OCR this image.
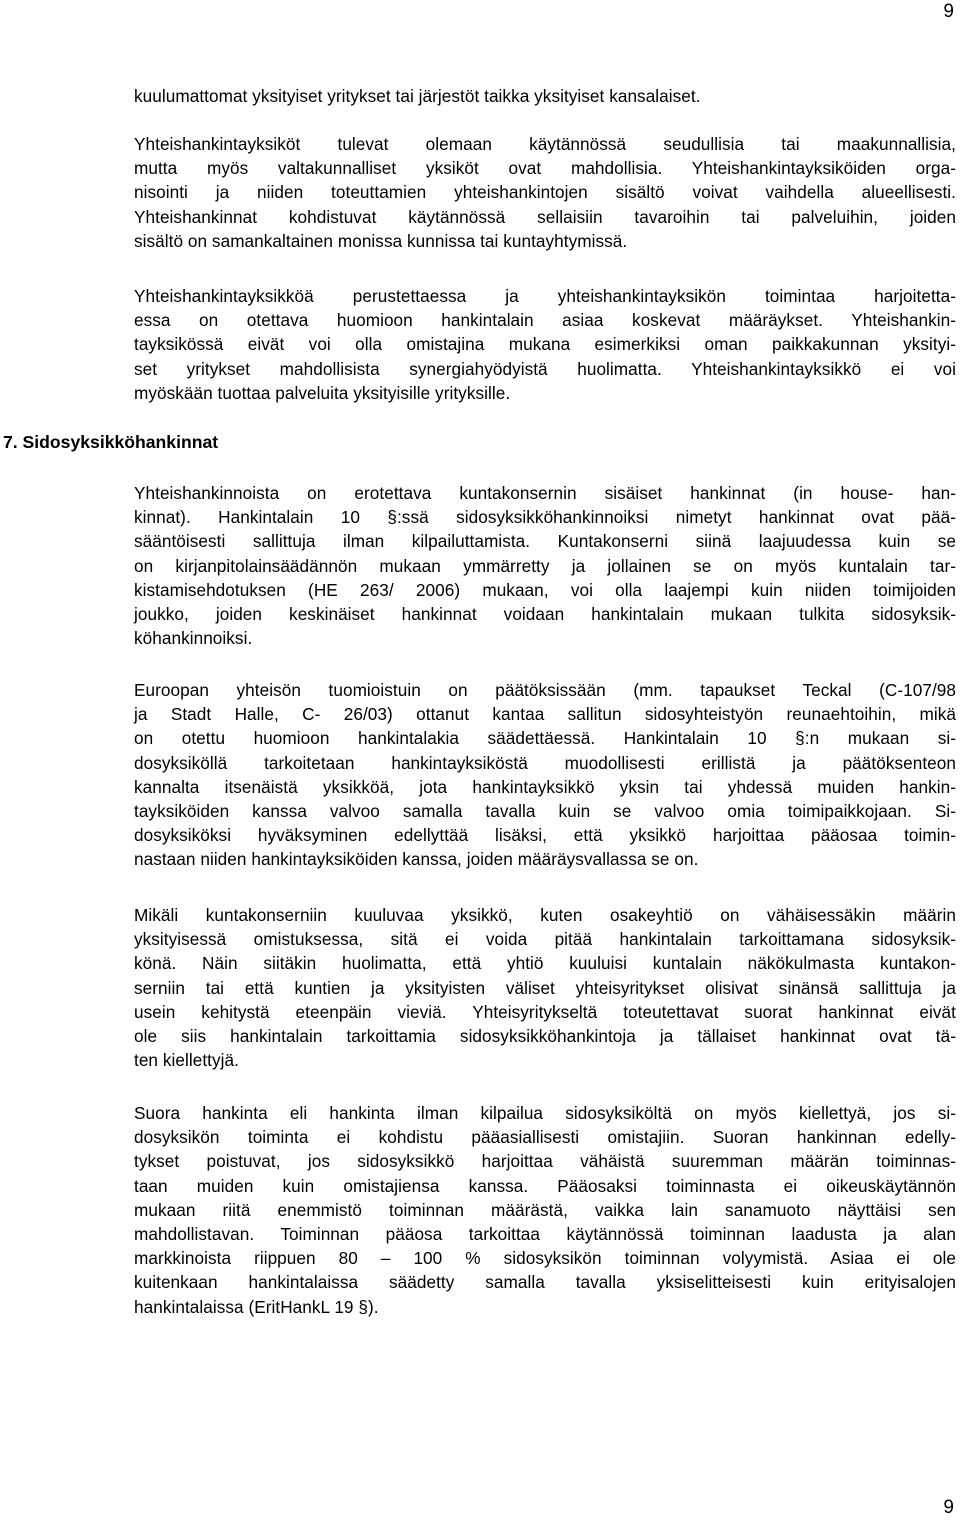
9
kuulumattomat yksityiset yritykset tai järjestöt taikka yksityiset kansalaiset.
Yhteishankintayksiköt tulevat olemaan käytännössä seudullisia tai maakunnallisia,
mutta myös valtakunnalliset yksiköt ovat mahdollisia. Yhteishankintayksiköiden orga-
nisointi ja niiden toteuttamien yhteishankintojen sisältö voivat vaihdella alueellisesti.
Yhteishankinnat kohdistuvat käytännössä sellaisiin tavaroihin tai palveluihin, joiden
sisältö on samankaltainen monissa kunnissa tai kuntayhtymissä.
Yhteishankintayksikköä perustettaessa ja yhteishankintayksikön toimintaa harjoitetta-
essa on otettava huomioon hankintalain asiaa koskevat määräykset. Yhteishankin-
tayksikössä eivät voi olla omistajina mukana esimerkiksi oman paikkakunnan yksityi-
set yritykset mahdollisista synergiahyödyistä huolimatta. Yhteishankintayksikkö ei voi
myöskään tuottaa palveluita yksityisille yrityksille.
7. Sidosyksikköhankinnat
Yhteishankinnoista on erotettava kuntakonsernin sisäiset hankinnat (in house- han-
kinnat). Hankintalain 10 §:ssä sidosyksikköhankinnoiksi nimetyt hankinnat ovat pää-
sääntöisesti sallittuja ilman kilpailuttamista. Kuntakonserni siinä laajuudessa kuin se
on kirjanpitolainsäädännön mukaan ymmärretty ja jollainen se on myös kuntalain tar-
kistamisehdotuksen (HE 263/ 2006) mukaan, voi olla laajempi kuin niiden toimijoiden
joukko, joiden keskinäiset hankinnat voidaan hankintalain mukaan tulkita sidosyksik-
köhankinnoiksi.
Euroopan yhteisön tuomioistuin on päätöksissään (mm. tapaukset Teckal (C-107/98
ja Stadt Halle, C- 26/03) ottanut kantaa sallitun sidosyhteistyön reunaehtoihin, mikä
on otettu huomioon hankintalakia säädettäessä. Hankintalain 10 §:n mukaan si-
dosyksiköllä tarkoitetaan hankintayksiköstä muodollisesti erillistä ja päätöksenteon
kannalta itsenäistä yksikköä, jota hankintayksikkö yksin tai yhdessä muiden hankin-
tayksiköiden kanssa valvoo samalla tavalla kuin se valvoo omia toimipaikkojaan. Si-
dosyksiköksi hyväksyminen edellyttää lisäksi, että yksikkö harjoittaa pääosaa toimin-
nastaan niiden hankintayksiköiden kanssa, joiden määräysvallassa se on.
Mikäli kuntakonserniin kuuluvaa yksikkö, kuten osakeyhtiö on vähäisessäkin määrin
yksityisessä omistuksessa, sitä ei voida pitää hankintalain tarkoittamana sidosyksik-
könä. Näin siitäkin huolimatta, että yhtiö kuuluisi kuntalain näkökulmasta kuntakon-
serniin tai että kuntien ja yksityisten väliset yhteisyritykset olisivat sinänsä sallittuja ja
usein kehitystä eteenpäin vieviä. Yhteisyritykseltä toteutettavat suorat hankinnat eivät
ole siis hankintalain tarkoittamia sidosyksikköhankintoja ja tällaiset hankinnat ovat tä-
ten kiellettyjä.
Suora hankinta eli hankinta ilman kilpailua sidosyksiköltä on myös kiellettyä, jos si-
dosyksikön toiminta ei kohdistu pääasiallisesti omistajiin. Suoran hankinnan edelly-
tykset poistuvat, jos sidosyksikkö harjoittaa vähäistä suuremman määrän toiminnas-
taan muiden kuin omistajiensa kanssa. Pääosaksi toiminnasta ei oikeuskäytännön
mukaan riitä enemmistö toiminnan määrästä, vaikka lain sanamuoto näyttäisi sen
mahdollistavan. Toiminnan pääosa tarkoittaa käytännössä toiminnan laadusta ja alan
markkinoista riippuen 80 – 100 % sidosyksikön toiminnan volyymistä. Asiaa ei ole
kuitenkaan hankintalaissa säädetty samalla tavalla yksiselitteisesti kuin erityisalojen
hankintalaissa (EritHankL 19 §).
9
